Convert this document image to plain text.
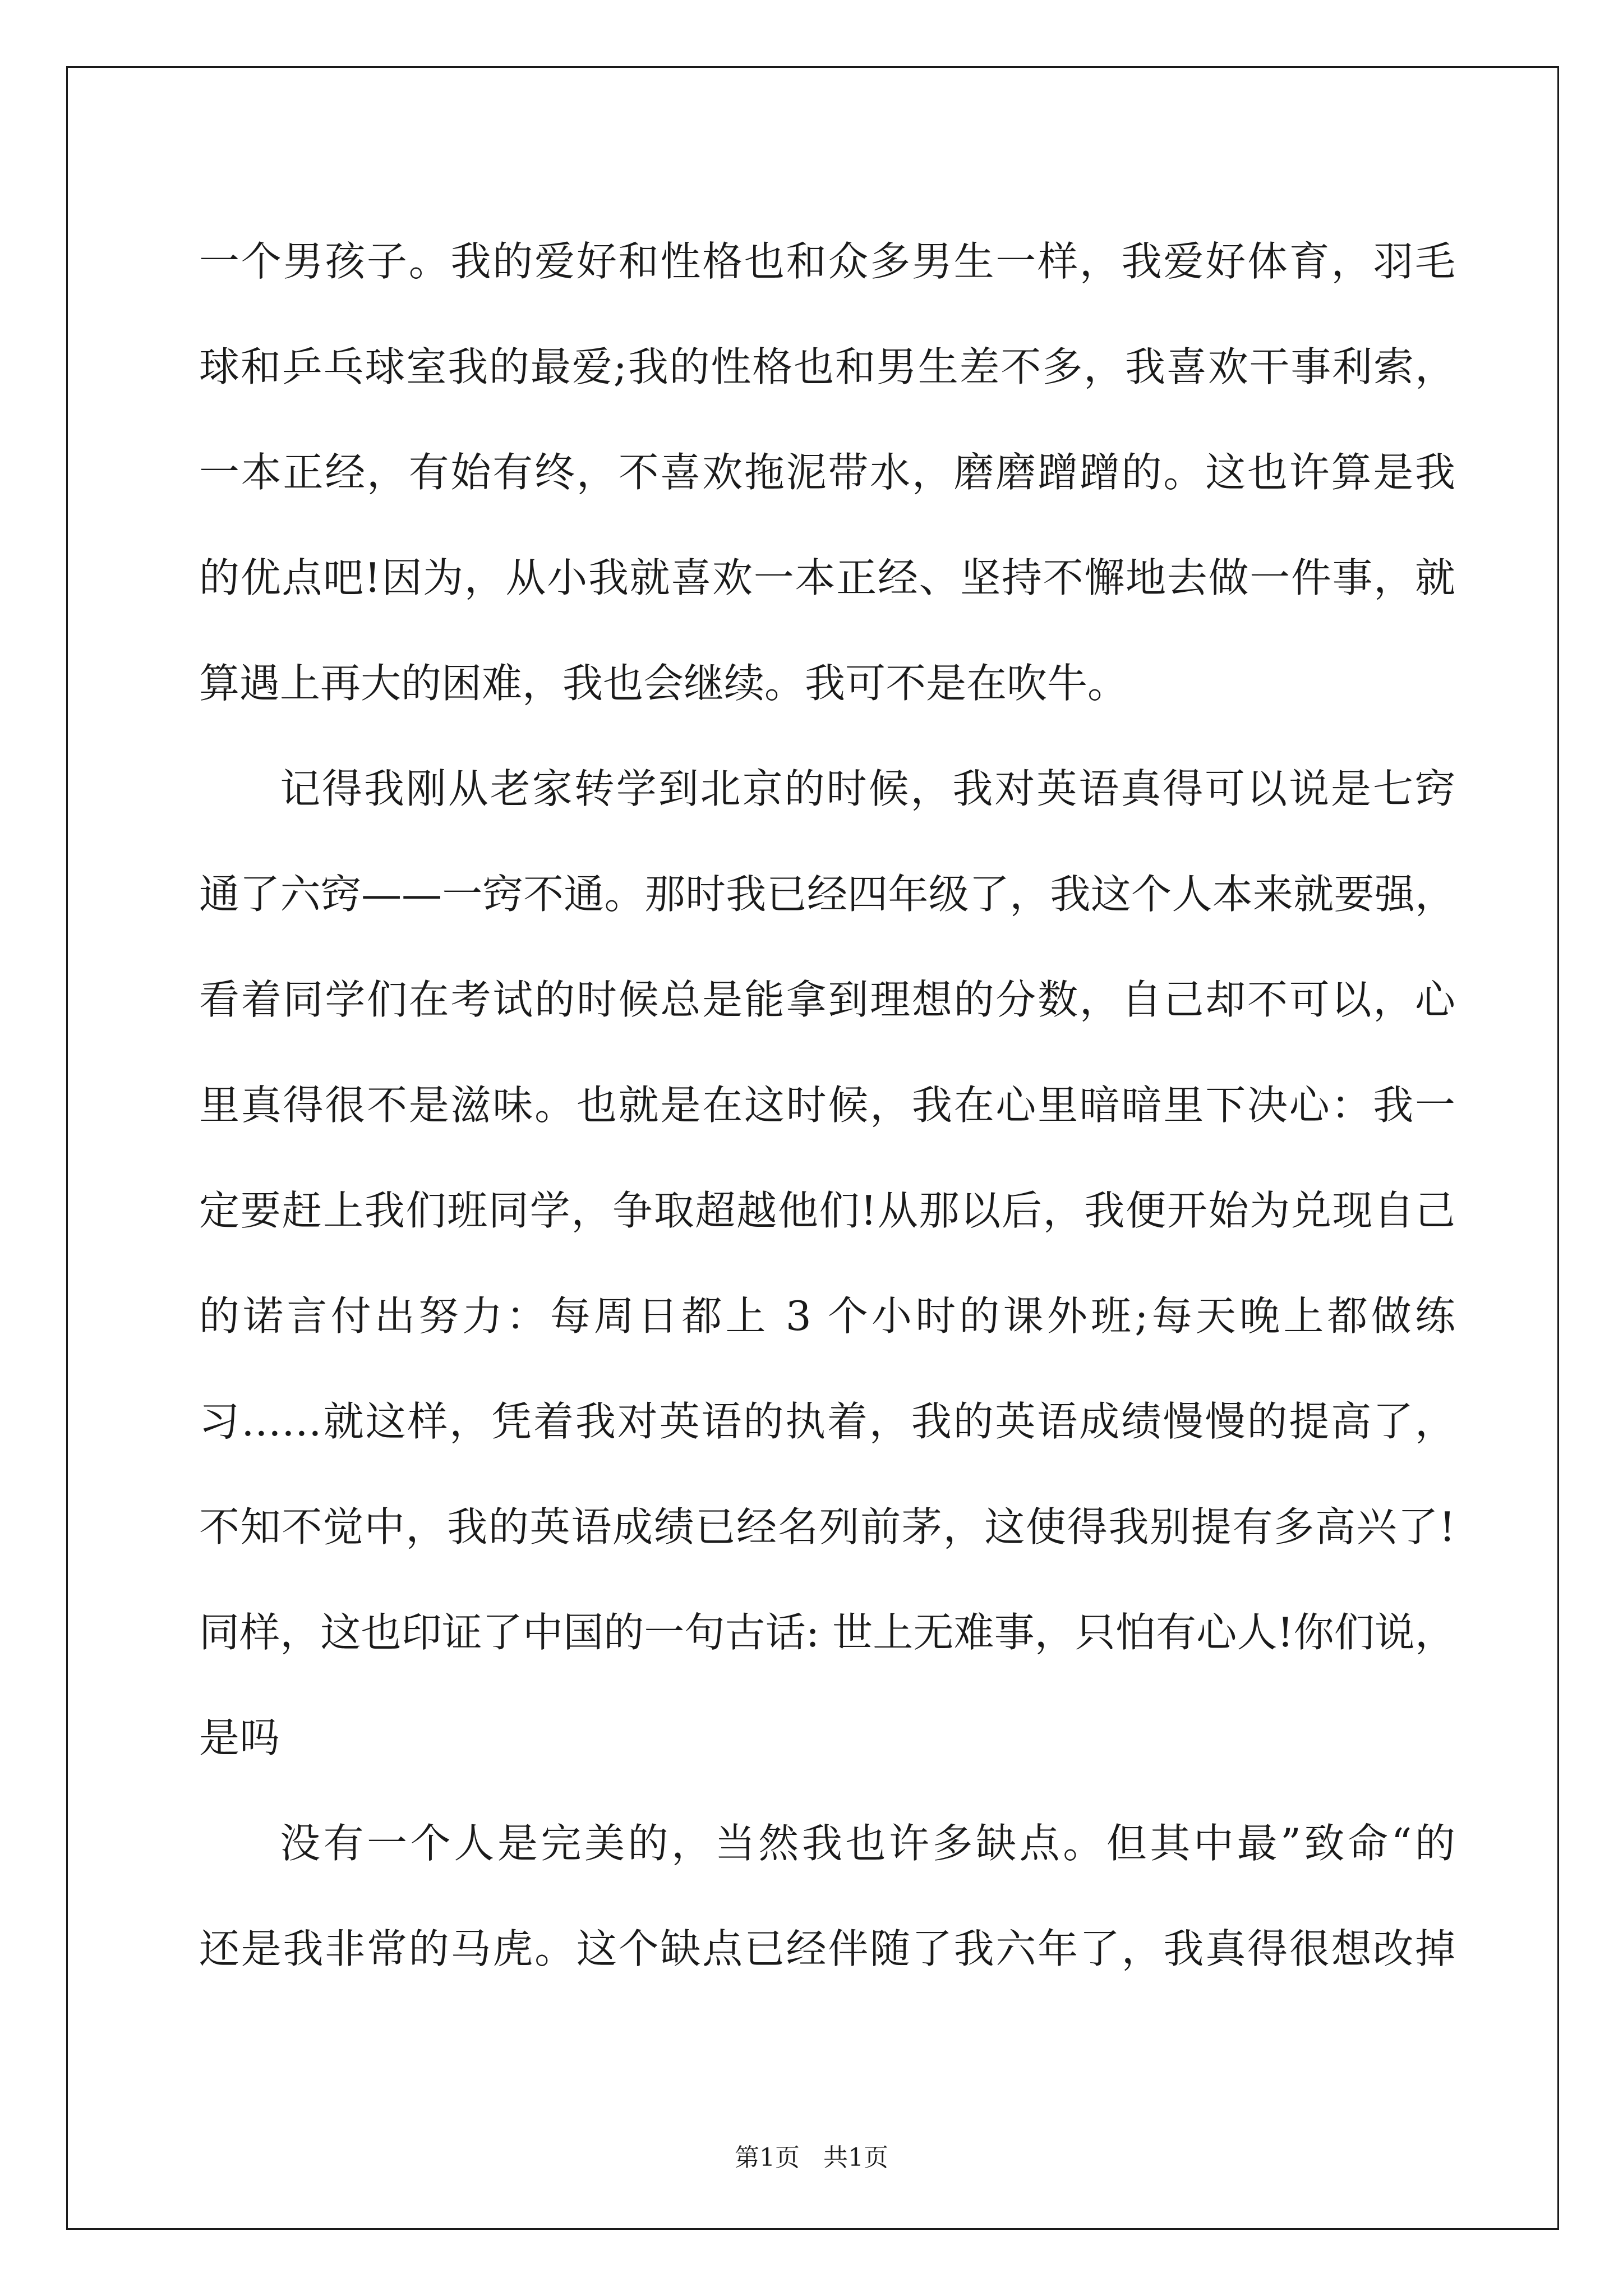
一个男孩子。我的爱好和性格也和众多男生一样，我爱好体育，羽毛
球和乒乓球室我的最爱;我的性格也和男生差不多，我喜欢干事利索，
一本正经，有始有终，不喜欢拖泥带水，磨磨蹭蹭的。这也许算是我
的优点吧!因为，从小我就喜欢一本正经、坚持不懈地去做一件事，就
算遇上再大的困难，我也会继续。我可不是在吹牛。
记得我刚从老家转学到北京的时候，我对英语真得可以说是七窍
通了六窍——一窍不通。那时我已经四年级了，我这个人本来就要强，
看着同学们在考试的时候总是能拿到理想的分数，自己却不可以，心
里真得很不是滋味。也就是在这时候，我在心里暗暗里下决心：我一
定要赶上我们班同学，争取超越他们!从那以后，我便开始为兑现自己
的诺言付出努力：每周日都上 3 个小时的课外班;每天晚上都做练
习……就这样，凭着我对英语的执着，我的英语成绩慢慢的提高了，
不知不觉中，我的英语成绩已经名列前茅，这使得我别提有多高兴了!
同样，这也印证了中国的一句古话: 世上无难事，只怕有心人!你们说，
是吗
没有一个人是完美的，当然我也许多缺点。但其中最”致命“的
还是我非常的马虎。这个缺点已经伴随了我六年了，我真得很想改掉
第1页 共1页
